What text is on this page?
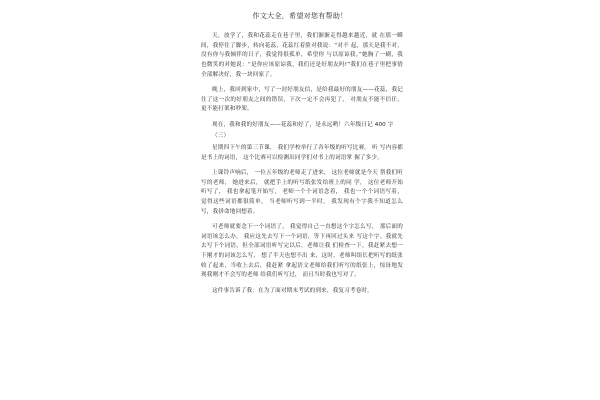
作文大全，希望对您有帮助！

天，放学了，我和花蕊走在巷子里，我们渐渐走得越来越近，就 在那一瞬间，我停住了脚步，转向花蕊，花蕊红着脸对我说：“对不 起，那天是我不对，没有你与我倾伴的日子，我觉得很孤单，希望你 与以原谅我。”她胸了一刷，我也微笑的对她说：“是你应该原谅我，我们还是好朋友吗!”我们在巷子里把事情全部解决好，我一块回家了。

晚上，我回到家中，写了一封好朋友信，是给我最好的朋友——花蕊，我记住了这一次的好朋友之间的错误，下次一定不会再犯了， 对朋友不能不信任，更不能打架和吵架。

现在，我和我的好朋友——花蕊和好了，是永远哟！六年级日记 400 字

（三）

星期四下午的第三节课， 我们学校举行了各年级的听写比赛。 听 写内容都是书上的词语， 这个比赛可以检测出同学们对书上的词语掌 握了多少。

上课铃声响后， 一位五年级的老师走了进来， 这位老师就是今天 帮我们听写的老师， 她进来后， 就把手上的听写纸张发给班上的同 学， 这位老师开始听写了， 我也拿起笔开始写， 老师一个个词语念着， 我也一个个词语写着， 觉得这些词语都很简单， 当老师听写到一半时， 我发现有个字我不知道怎么写，我拼命地回想着。

可老师就要念下一个词语了， 我觉得自己一直想这个字怎么写， 那后面的词语该怎么办， 我应这先去写下一个词语，等下再回过头来 写这个字。我就先去写下个词语，但全部词语听写完以后，老师让我 们检查一下，我赶紧去想一下刚才的词该怎么写， 想了半天也想不出 来，这时，老师叫组长把听写的纸张收了起来，当收上去后，我赶紧 拿起语文老师给我们听写的纸张上，惊讶地发现我刚才不会写的老师 给我们听写过， 而且当时我也写对了。

这件事告诉了我：在为了面对期末考试的到来，我复习考卷时。
